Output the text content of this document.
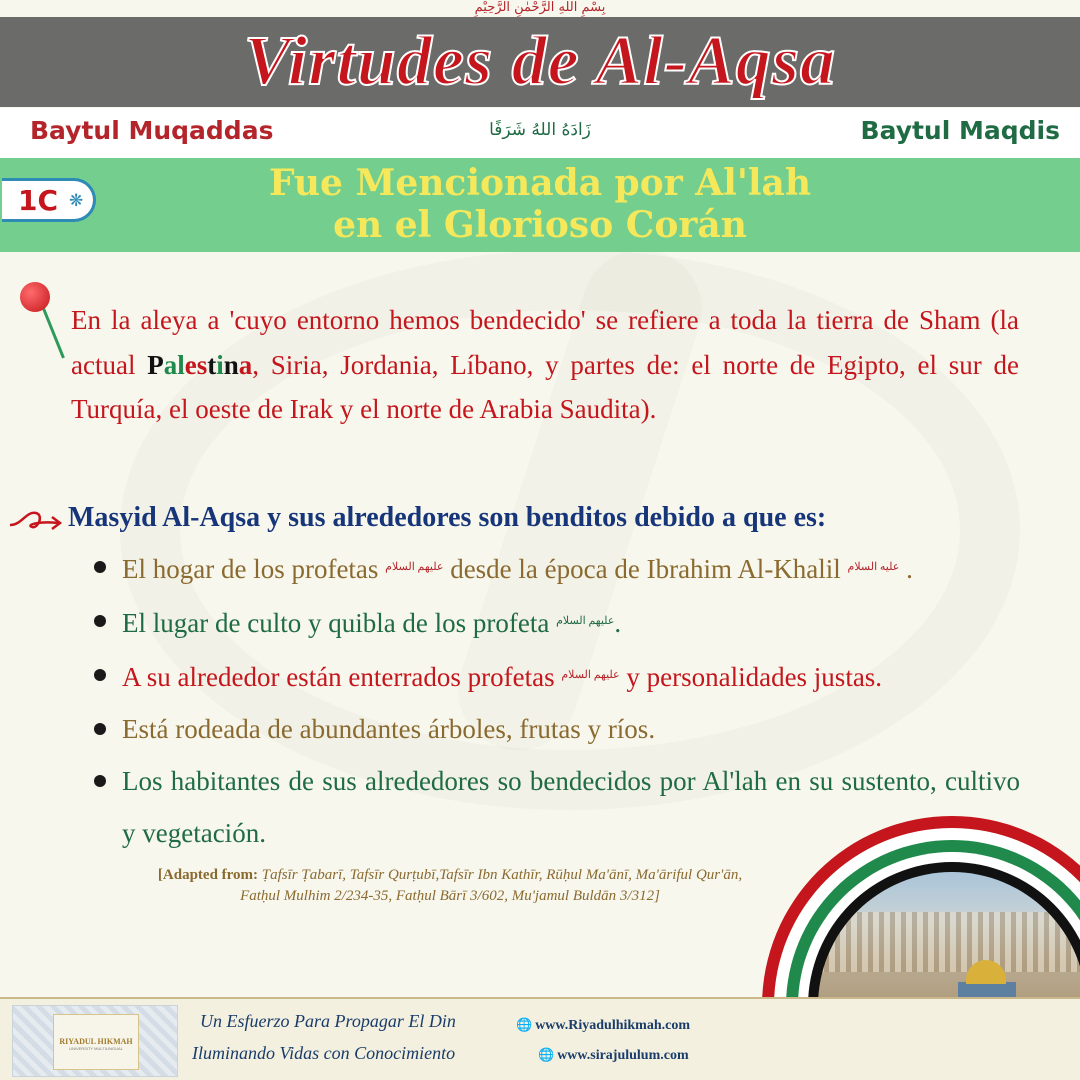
بِسْمِ اللهِ الرَّحْمٰنِ الرَّحِيْمِ
Virtudes de Al-Aqsa
Baytul Muqaddas	زَادَهُ اللهُ شَرَفًا	Baytul Maqdis
1C ❋	Fue Mencionada por Al'lah
en el Glorioso Corán

En la aleya a 'cuyo entorno hemos bendecido' se refiere a toda la tierra de Sham (la actual Palestina, Siria, Jordania, Líbano, y partes de: el norte de Egipto, el sur de Turquía, el oeste de Irak y el norte de Arabia Saudita).

Masyid Al-Aqsa y sus alrededores son benditos debido a que es:
El hogar de los profetas $^{عليهم السلام}$ desde la época de Ibrahim Al-Khalil $^{عليه السلام}$ .
El lugar de culto y quibla de los profeta $^{عليهم السلام}$.
A su alrededor están enterrados profetas $^{عليهم السلام}$ y personalidades justas.
Está rodeada de abundantes árboles, frutas y ríos.
Los habitantes de sus alrededores so bendecidos por Al'lah en su sustento, cultivo y vegetación.
[Adapted from: Ṭafsīr Ṭabarī, Tafsīr Qurṭubī,Tafsīr Ibn Kathīr, Rūḥul Ma'ānī, Ma'āriful Qur'ān,
Fatḥul Mulhim 2/234-35, Fatḥul Bārī 3/602, Mu'jamul Buldān 3/312]
RIYADUL HIKMAH
UNIVERSITY MULTILINGUAL
Un Esfuerzo Para Propagar El Din
Iluminando Vidas con Conocimiento
🌐 www.Riyadulhikmah.com
🌐 www.sirajululum.com
